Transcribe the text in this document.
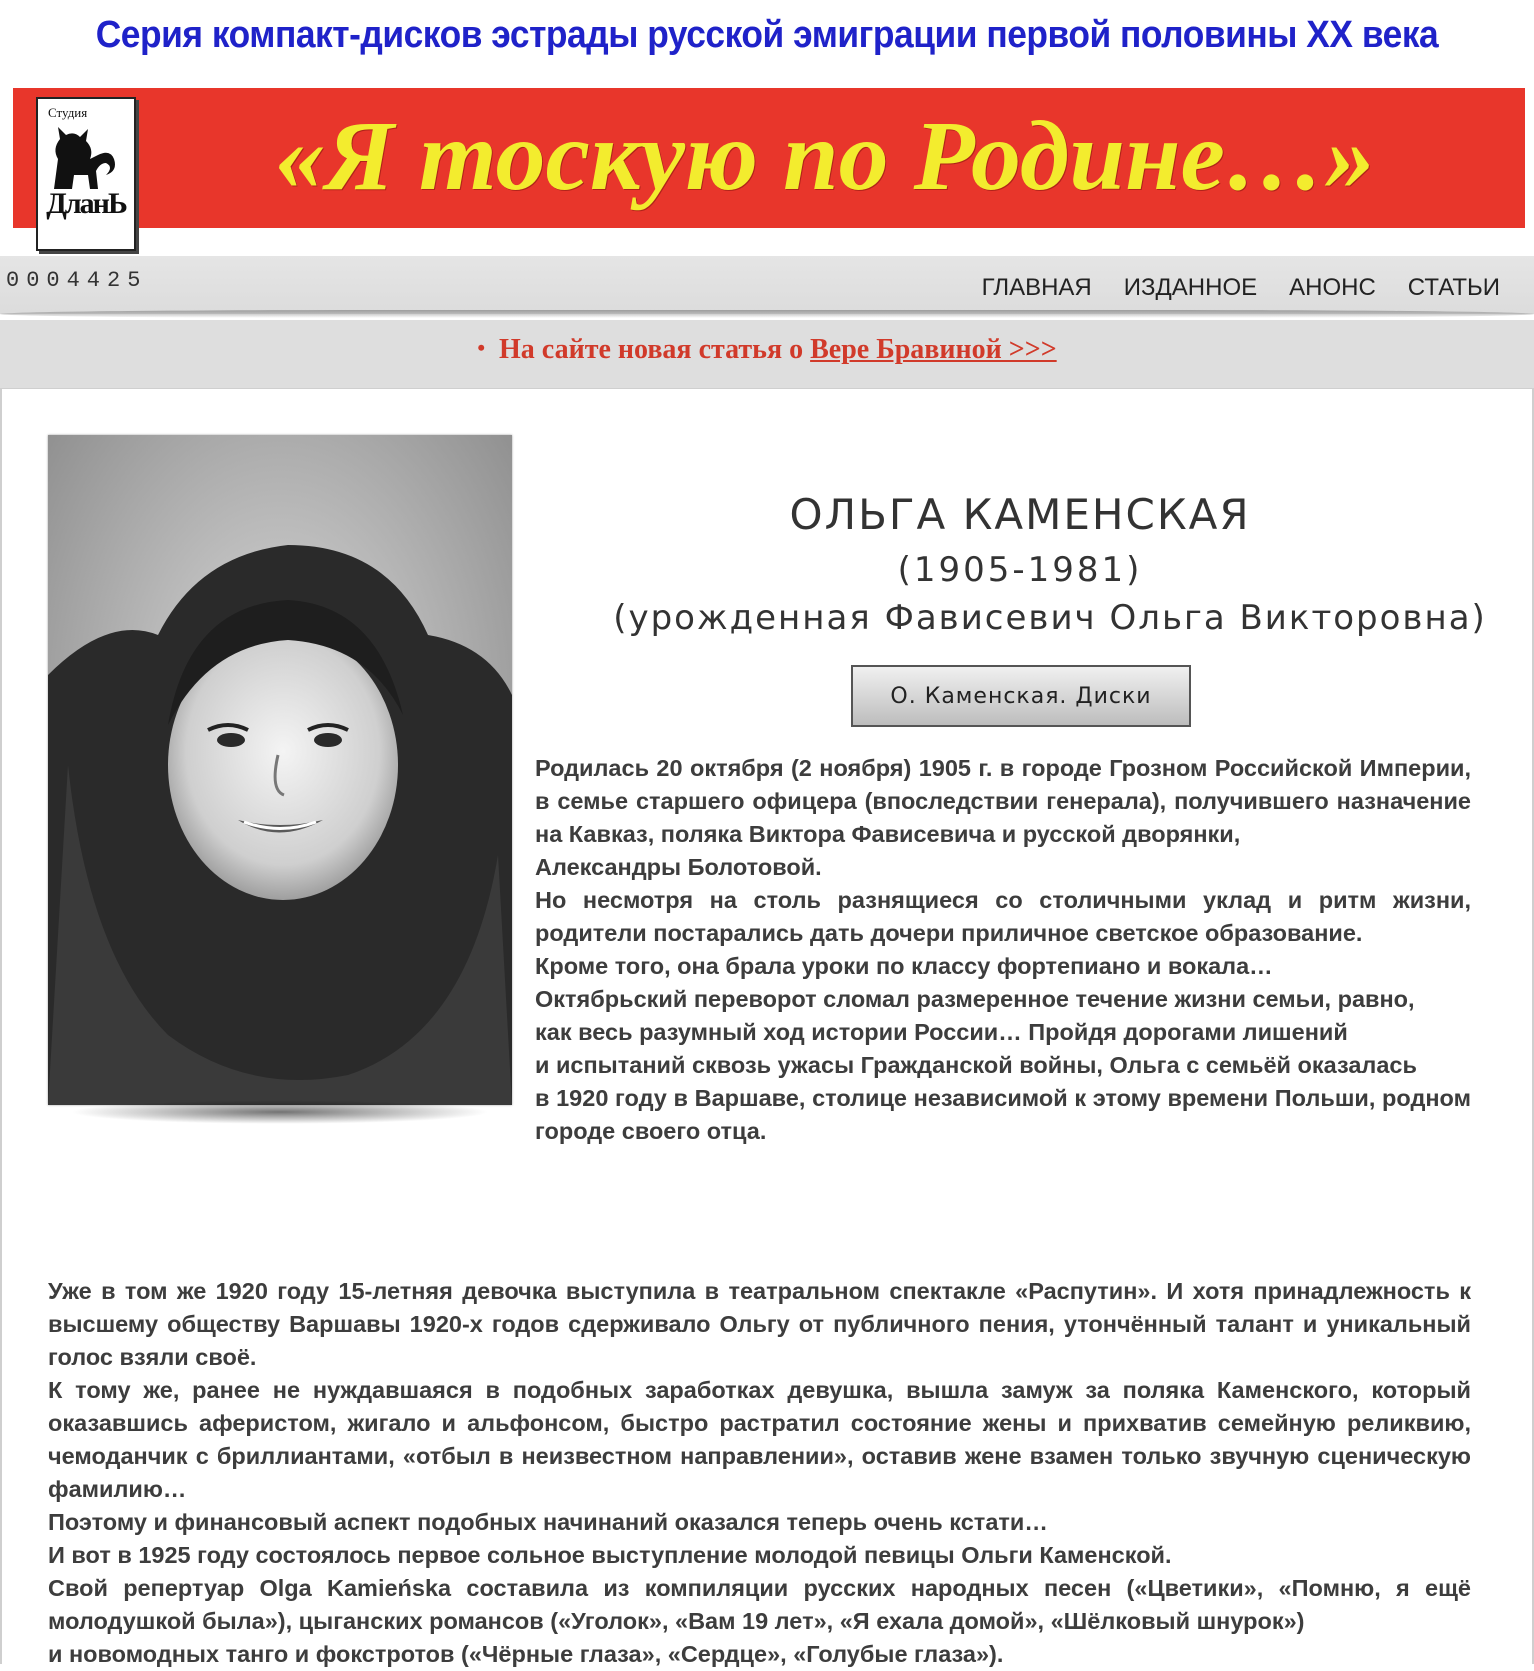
Серия компакт-дисков эстрады русской эмиграции первой половины XX века
Студия
ДланЬ	«Я тоскую по Родине…»
0004425	ГЛАВНАЯ ИЗДАННОЕ АНОНС СТАТЬИ
• На сайте новая статья о Вере Бравиной >>>
ОЛЬГА КАМЕНСКАЯ
(1905-1981)
(урожденная Фависевич Ольга Викторовна)
О. Каменская. Диски

Родилась 20 октября (2 ноября) 1905 г. в городе Грозном Российской Империи, в семье старшего офицера (впоследствии генерала), получившего назначение на Кавказ, поляка Виктора Фависевича и русской дворянки,

Александры Болотовой.

Но несмотря на столь разнящиеся со столичными уклад и ритм жизни, родители постарались дать дочери приличное светское образование.

Кроме того, она брала уроки по классу фортепиано и вокала…

Октябрьский переворот сломал размеренное течение жизни семьи, равно,

как весь разумный ход истории России… Пройдя дорогами лишений

и испытаний сквозь ужасы Гражданской войны, Ольга с семьёй оказалась

в 1920 году в Варшаве, столице независимой к этому времени Польши, родном городе своего отца.

Уже в том же 1920 году 15-летняя девочка выступила в театральном спектакле «Распутин». И хотя принадлежность к высшему обществу Варшавы 1920-х годов сдерживало Ольгу от публичного пения, утончённый талант и уникальный голос взяли своё.

К тому же, ранее не нуждавшаяся в подобных заработках девушка, вышла замуж за поляка Каменского, который оказавшись аферистом, жигало и альфонсом, быстро растратил состояние жены и прихватив семейную реликвию, чемоданчик с бриллиантами, «отбыл в неизвестном направлении», оставив жене взамен только звучную сценическую фамилию…

Поэтому и финансовый аспект подобных начинаний оказался теперь очень кстати…

И вот в 1925 году состоялось первое сольное выступление молодой певицы Ольги Каменской.

Свой репертуар Olga Kamieńska составила из компиляции русских народных песен («Цветики», «Помню, я ещё молодушкой была»), цыганских романсов («Уголок», «Вам 19 лет», «Я ехала домой», «Шёлковый шнурок»)

и новомодных танго и фокстротов («Чёрные глаза», «Сердце», «Голубые глаза»).
